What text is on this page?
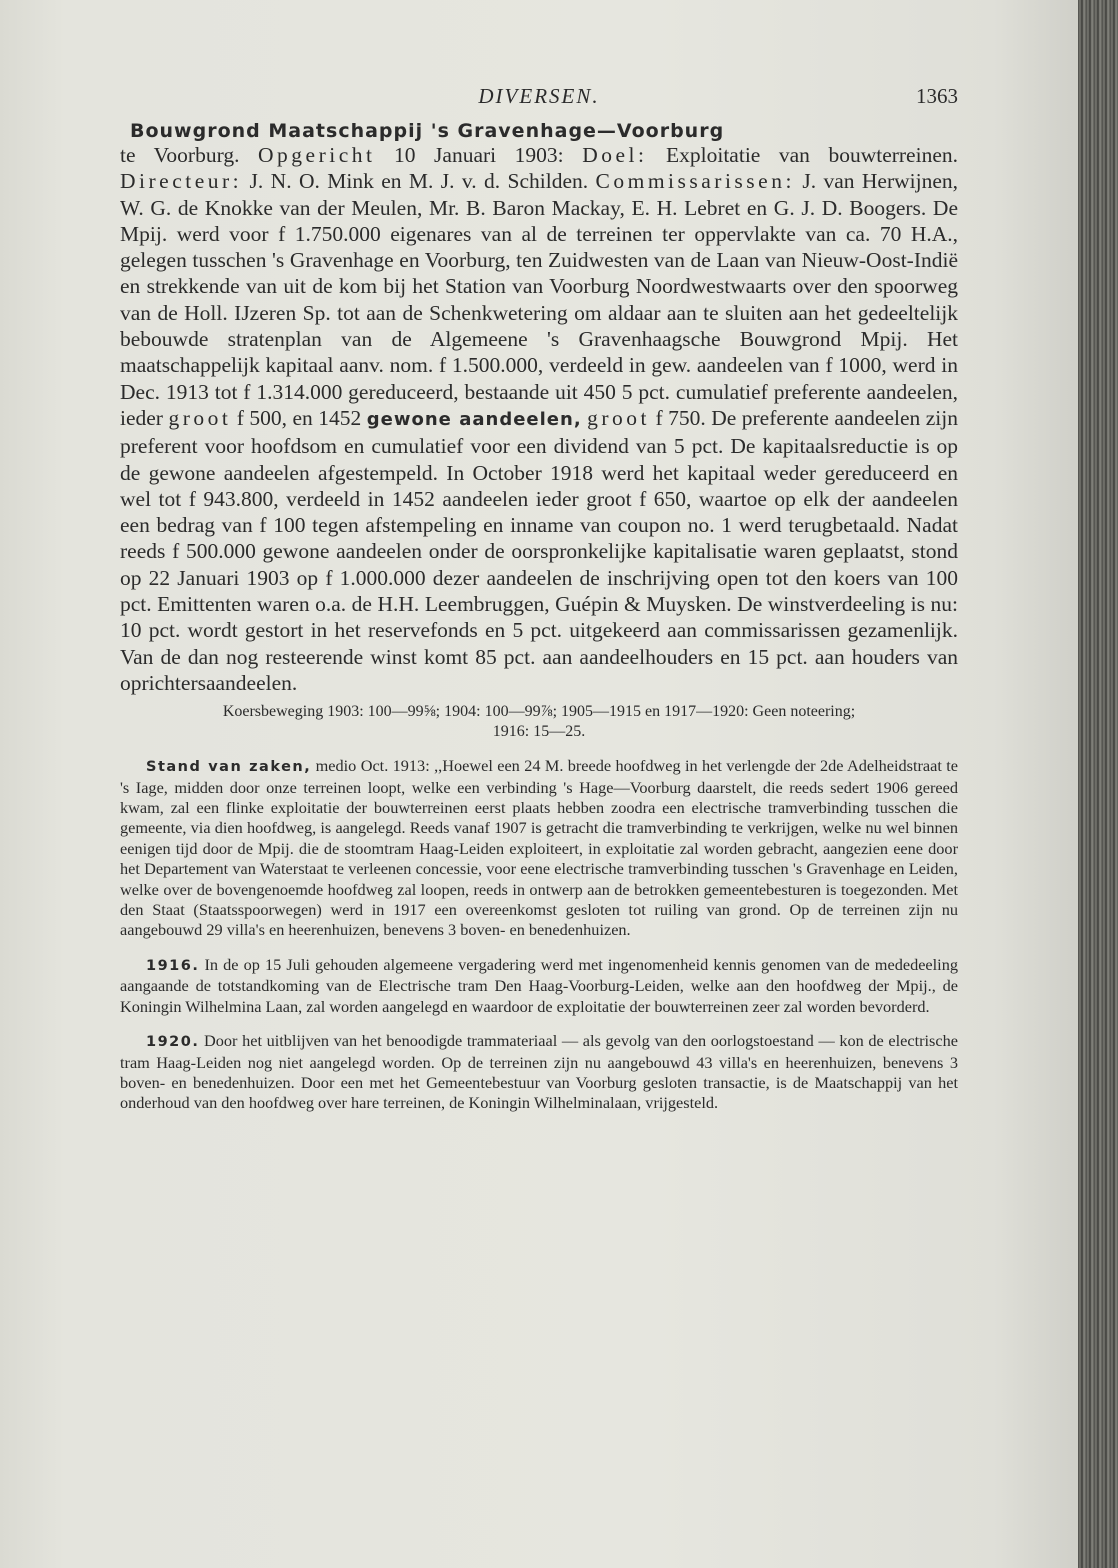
DIVERSEN.	1363
Bouwgrond Maatschappij 's Gravenhage—Voorburg

te Voorburg. Opgericht 10 Januari 1903: Doel: Exploitatie van bouwterreinen. Directeur: J. N. O. Mink en M. J. v. d. Schilden. Commissarissen: J. van Herwijnen, W. G. de Knokke van der Meulen, Mr. B. Baron Mackay, E. H. Lebret en G. J. D. Boogers. De Mpij. werd voor f 1.750.000 eigenares van al de terreinen ter oppervlakte van ca. 70 H.A., gelegen tusschen 's Gravenhage en Voorburg, ten Zuidwesten van de Laan van Nieuw-Oost-Indië en strekkende van uit de kom bij het Station van Voorburg Noordwestwaarts over den spoorweg van de Holl. IJzeren Sp. tot aan de Schenkwetering om aldaar aan te sluiten aan het gedeeltelijk bebouwde stratenplan van de Algemeene 's Gravenhaagsche Bouwgrond Mpij. Het maatschappelijk kapitaal aanv. nom. f 1.500.000, verdeeld in gew. aandeelen van f 1000, werd in Dec. 1913 tot f 1.314.000 gereduceerd, bestaande uit 450 5 pct. cumulatief preferente aandeelen, ieder groot f 500, en 1452 gewone aandeelen, groot f 750. De preferente aandeelen zijn preferent voor hoofdsom en cumulatief voor een dividend van 5 pct. De kapitaalsreductie is op de gewone aandeelen afgestempeld. In October 1918 werd het kapitaal weder gereduceerd en wel tot f 943.800, verdeeld in 1452 aandeelen ieder groot f 650, waartoe op elk der aandeelen een bedrag van f 100 tegen afstempeling en inname van coupon no. 1 werd terugbetaald. Nadat reeds f 500.000 gewone aandeelen onder de oorspronkelijke kapitalisatie waren geplaatst, stond op 22 Januari 1903 op f 1.000.000 dezer aandeelen de inschrijving open tot den koers van 100 pct. Emittenten waren o.a. de H.H. Leembruggen, Guépin & Muysken. De winstverdeeling is nu: 10 pct. wordt gestort in het reservefonds en 5 pct. uitgekeerd aan commissarissen gezamenlijk. Van de dan nog resteerende winst komt 85 pct. aan aandeelhouders en 15 pct. aan houders van oprichtersaandeelen.

Koersbeweging 1903: 100—99⅝; 1904: 100—99⅞; 1905—1915 en 1917—1920: Geen noteering;
1916: 15—25.

Stand van zaken, medio Oct. 1913: ,,Hoewel een 24 M. breede hoofdweg in het verlengde der 2de Adelheidstraat te 's Iage, midden door onze terreinen loopt, welke een verbinding 's Hage—Voorburg daarstelt, die reeds sedert 1906 gereed kwam, zal een flinke exploitatie der bouwterreinen eerst plaats hebben zoodra een electrische tramverbinding tusschen die gemeente, via dien hoofdweg, is aangelegd. Reeds vanaf 1907 is getracht die tramverbinding te verkrijgen, welke nu wel binnen eenigen tijd door de Mpij. die de stoomtram Haag-Leiden exploiteert, in exploitatie zal worden gebracht, aangezien eene door het Departement van Waterstaat te verleenen concessie, voor eene electrische tramverbinding tusschen 's Gravenhage en Leiden, welke over de bovengenoemde hoofdweg zal loopen, reeds in ontwerp aan de betrokken gemeentebesturen is toegezonden. Met den Staat (Staatsspoorwegen) werd in 1917 een overeenkomst gesloten tot ruiling van grond. Op de terreinen zijn nu aangebouwd 29 villa's en heerenhuizen, benevens 3 boven- en benedenhuizen.

1916. In de op 15 Juli gehouden algemeene vergadering werd met ingenomenheid kennis genomen van de mededeeling aangaande de totstandkoming van de Electrische tram Den Haag-Voorburg-Leiden, welke aan den hoofdweg der Mpij., de Koningin Wilhelmina Laan, zal worden aangelegd en waardoor de exploitatie der bouwterreinen zeer zal worden bevorderd.

1920. Door het uitblijven van het benoodigde trammateriaal — als gevolg van den oorlogstoestand — kon de electrische tram Haag-Leiden nog niet aangelegd worden. Op de terreinen zijn nu aangebouwd 43 villa's en heerenhuizen, benevens 3 boven- en benedenhuizen. Door een met het Gemeentebestuur van Voorburg gesloten transactie, is de Maatschappij van het onderhoud van den hoofdweg over hare terreinen, de Koningin Wilhelminalaan, vrijgesteld.
